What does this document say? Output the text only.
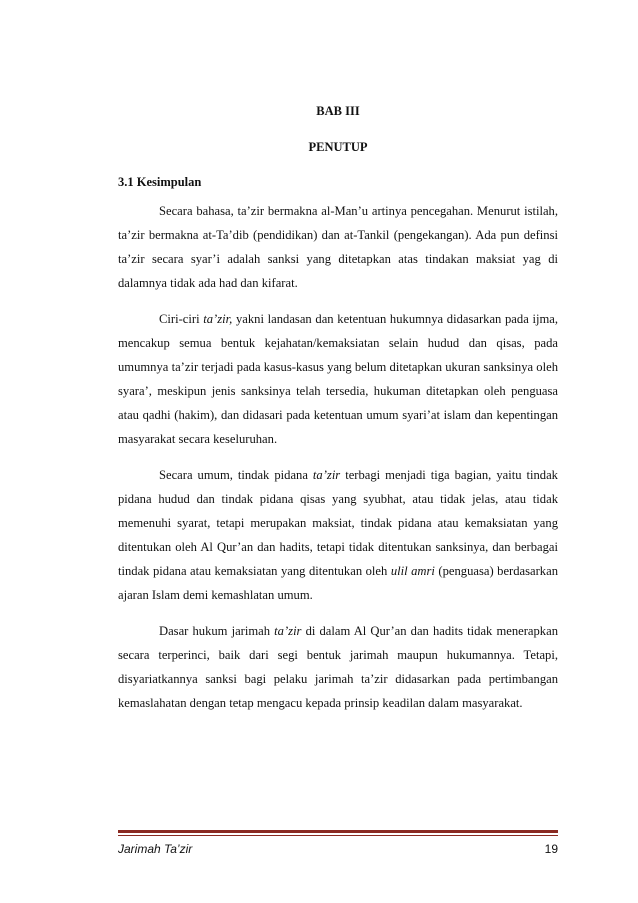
BAB III
PENUTUP
3.1 Kesimpulan

Secara bahasa, ta’zir bermakna al-Man’u artinya pencegahan. Menurut istilah, ta’zir bermakna at-Ta’dib (pendidikan) dan at-Tankil (pengekangan). Ada pun definsi ta’zir secara syar’i adalah sanksi yang ditetapkan atas tindakan maksiat yag di dalamnya tidak ada had dan kifarat.

Ciri-ciri ta’zir, yakni landasan dan ketentuan hukumnya didasarkan pada ijma, mencakup semua bentuk kejahatan/kemaksiatan selain hudud dan qisas, pada umumnya ta’zir terjadi pada kasus-kasus yang belum ditetapkan ukuran sanksinya oleh syara’, meskipun jenis sanksinya telah tersedia, hukuman ditetapkan oleh penguasa atau qadhi (hakim), dan didasari pada ketentuan umum syari’at islam dan kepentingan masyarakat secara keseluruhan.

Secara umum, tindak pidana ta’zir terbagi menjadi tiga bagian, yaitu tindak pidana hudud dan tindak pidana qisas yang syubhat, atau tidak jelas, atau tidak memenuhi syarat, tetapi merupakan maksiat, tindak pidana atau kemaksiatan yang ditentukan oleh Al Qur’an dan hadits, tetapi tidak ditentukan sanksinya, dan berbagai tindak pidana atau kemaksiatan yang ditentukan oleh ulil amri (penguasa) berdasarkan ajaran Islam demi kemashlatan umum.

Dasar hukum jarimah ta’zir di dalam Al Qur’an dan hadits tidak menerapkan secara terperinci, baik dari segi bentuk jarimah maupun hukumannya. Tetapi, disyariatkannya sanksi bagi pelaku jarimah ta’zir didasarkan pada pertimbangan kemaslahatan dengan tetap mengacu kepada prinsip keadilan dalam masyarakat.

Jarimah Ta’zir	19
